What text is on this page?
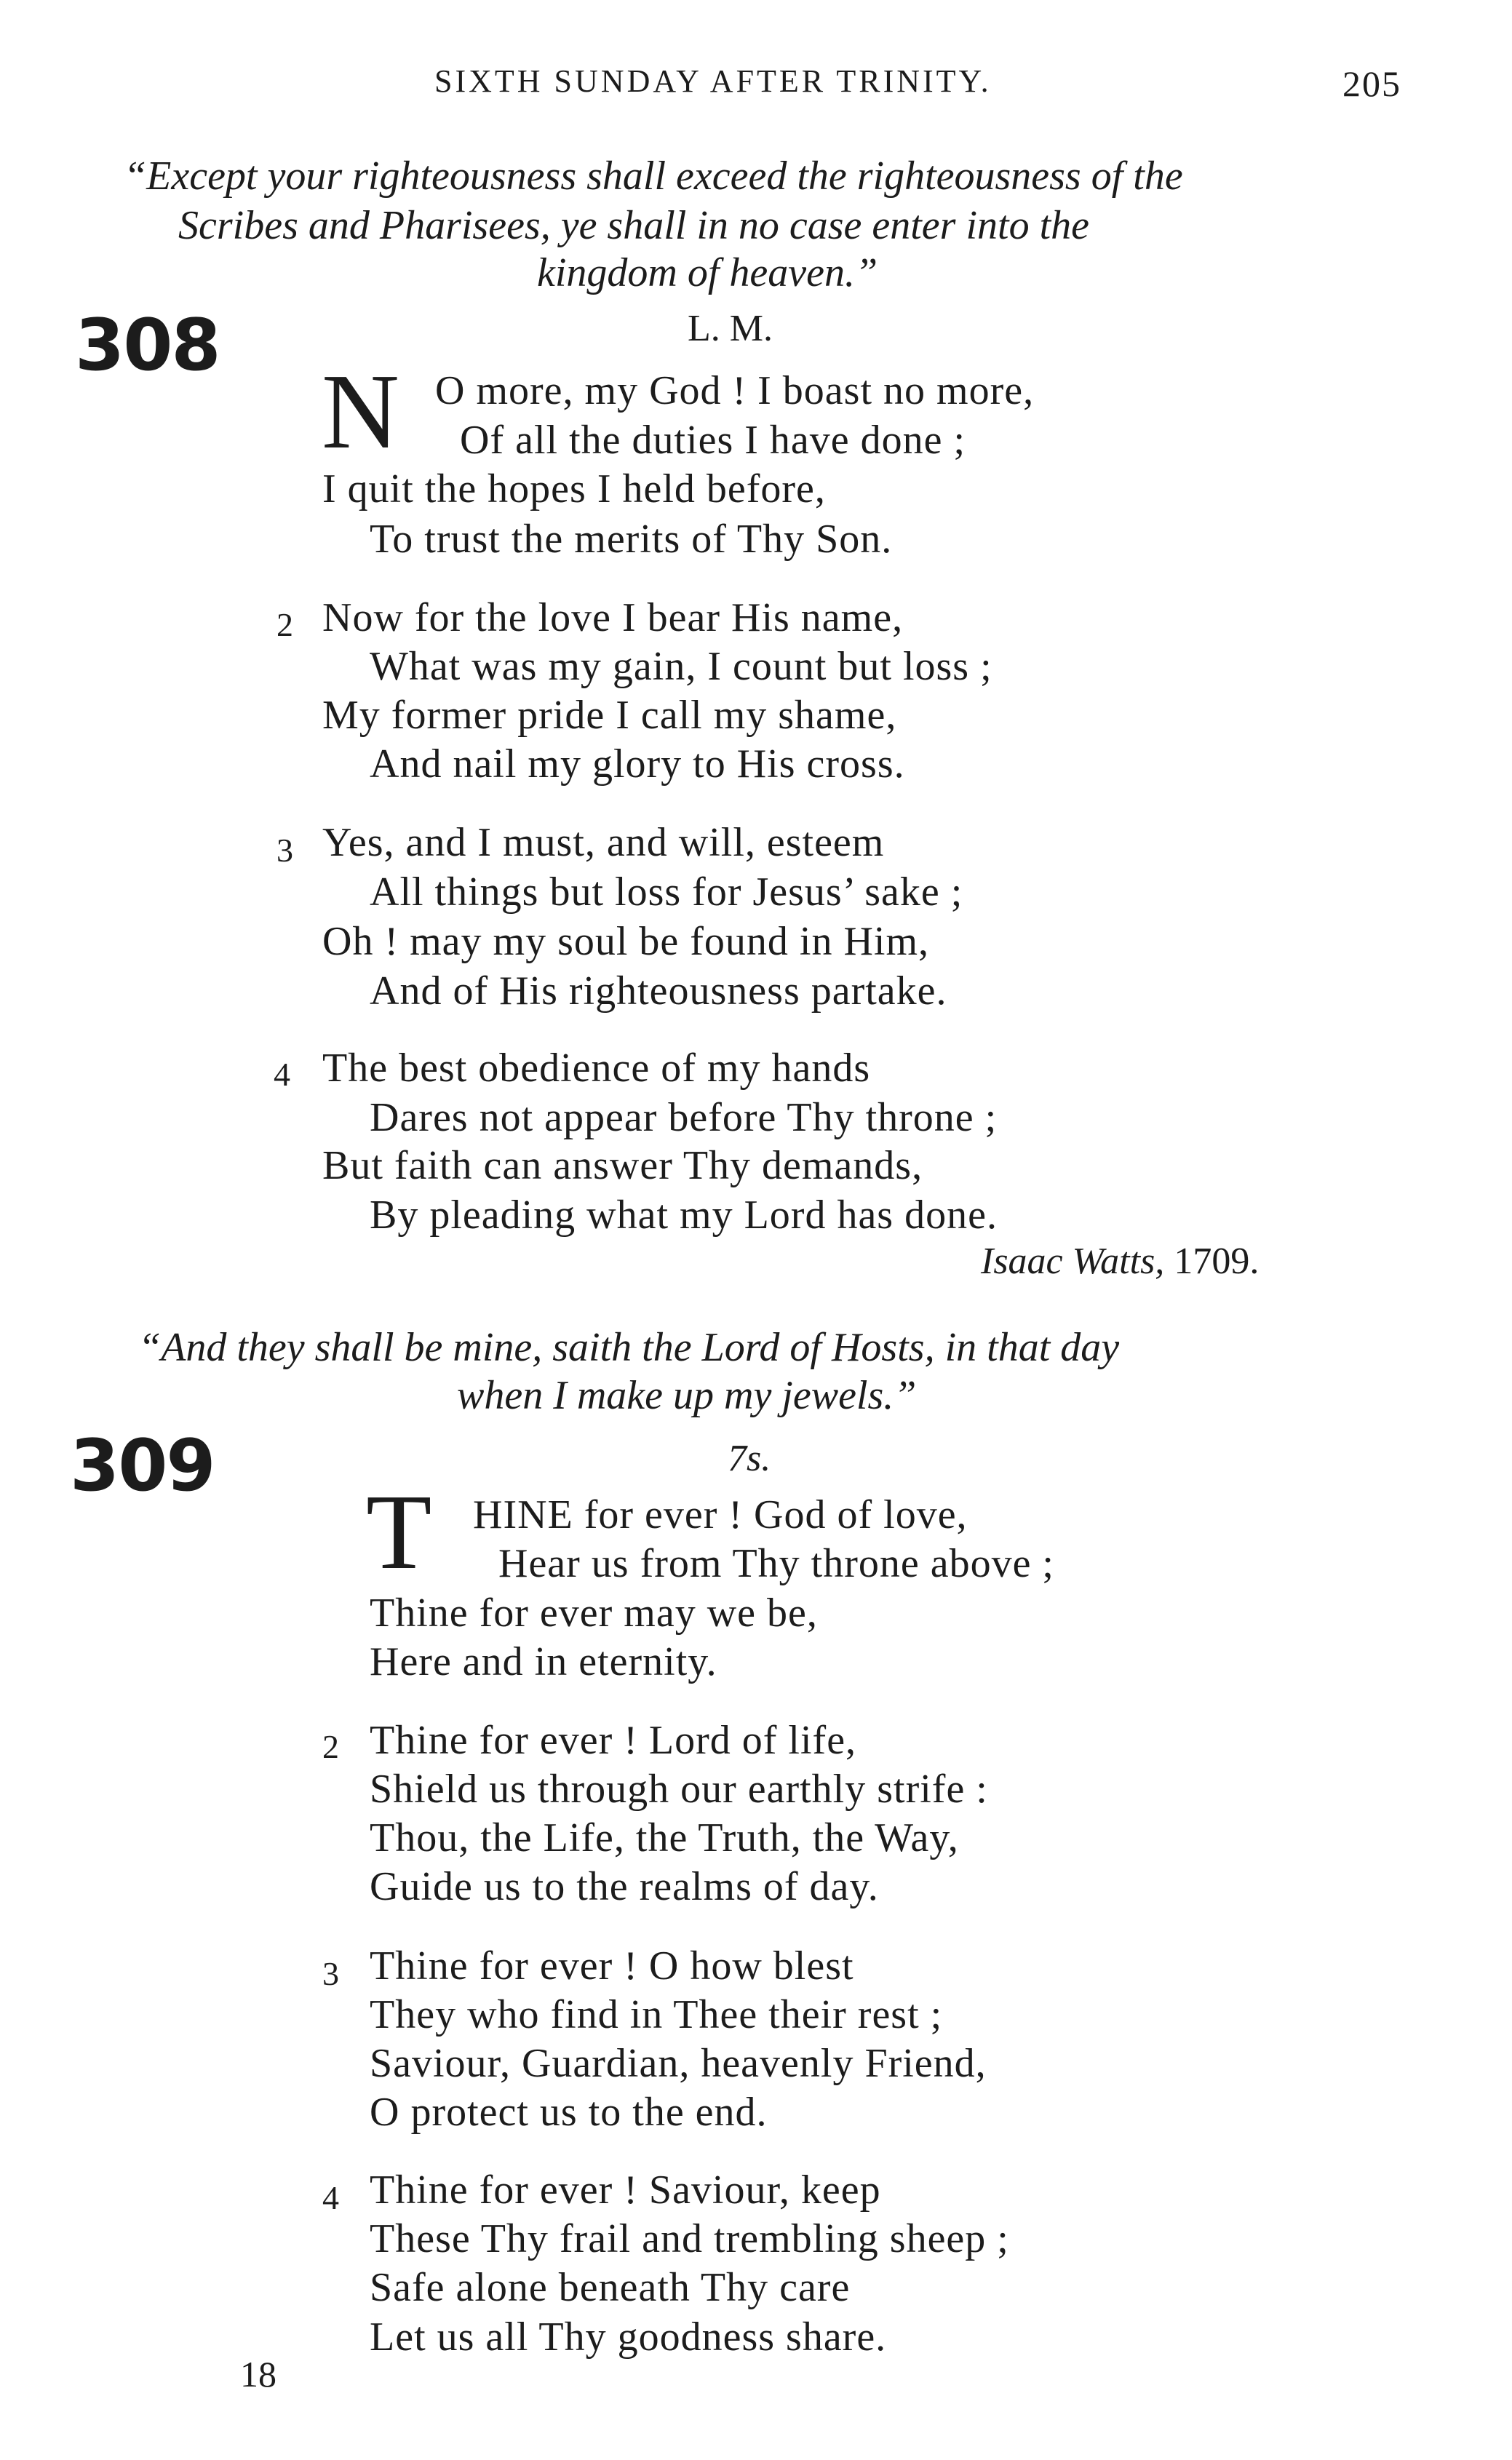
SIXTH SUNDAY AFTER TRINITY.	205
“Except your righteousness shall exceed the righteousness of the
Scribes and Pharisees, ye shall in no case enter into the
kingdom of heaven.”
308	L. M.
N O more, my God ! I boast no more,
Of all the duties I have done ;
I quit the hopes I held before,
To trust the merits of Thy Son.
2 Now for the love I bear His name,
What was my gain, I count but loss ;
My former pride I call my shame,
And nail my glory to His cross.
3 Yes, and I must, and will, esteem
All things but loss for Jesus’ sake ;
Oh ! may my soul be found in Him,
And of His righteousness partake.
4 The best obedience of my hands
Dares not appear before Thy throne ;
But faith can answer Thy demands,
By pleading what my Lord has done.
Isaac Watts, 1709.
“And they shall be mine, saith the Lord of Hosts, in that day
when I make up my jewels.”
309	7s.
T HINE for ever ! God of love,
Hear us from Thy throne above ;
Thine for ever may we be,
Here and in eternity.
2 Thine for ever ! Lord of life,
Shield us through our earthly strife :
Thou, the Life, the Truth, the Way,
Guide us to the realms of day.
3 Thine for ever ! O how blest
They who find in Thee their rest ;
Saviour, Guardian, heavenly Friend,
O protect us to the end.
4 Thine for ever ! Saviour, keep
These Thy frail and trembling sheep ;
Safe alone beneath Thy care
Let us all Thy goodness share.
18
